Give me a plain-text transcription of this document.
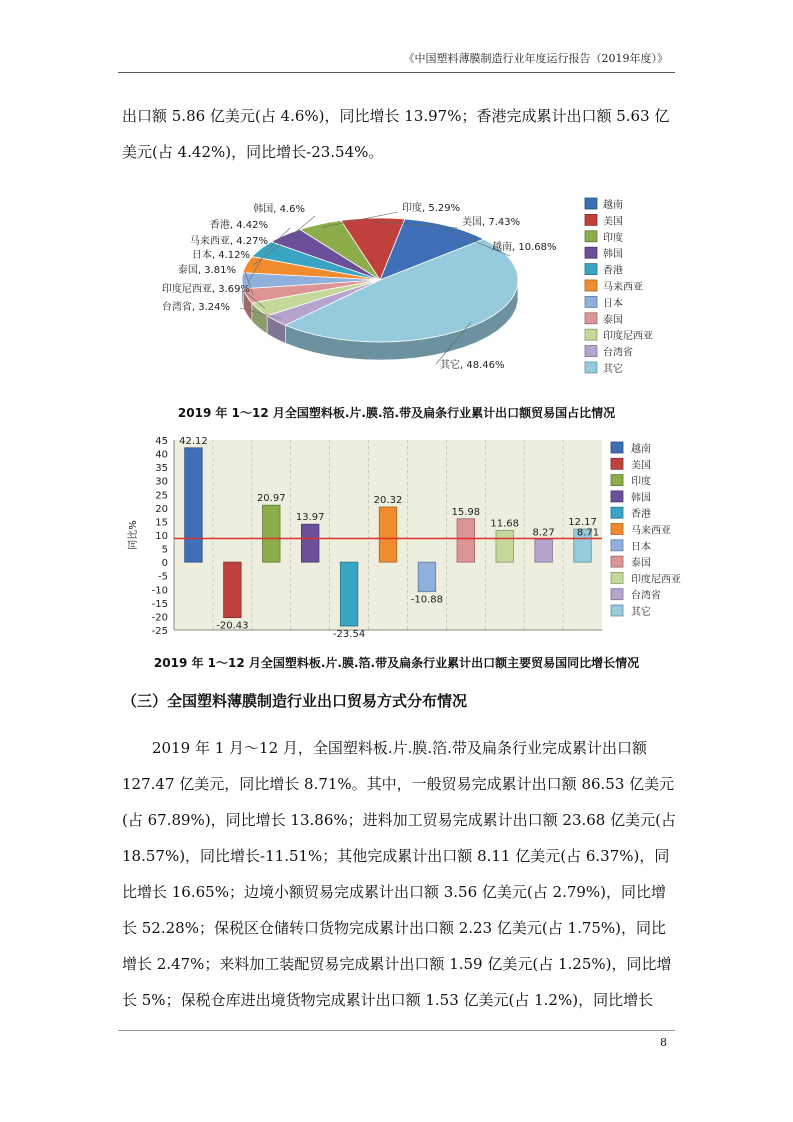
《中国塑料薄膜制造行业年度运行报告（2019年度）》

出口额 5.86 亿美元(占 4.6%)，同比增长 13.97%；香港完成累计出口额 5.63 亿
美元(占 4.42%)，同比增长-23.54%。

越南, 10.68%
美国, 7.43%
印度, 5.29%
韩国, 4.6%
香港, 4.42%
马来西亚, 4.27%
日本, 4.12%
泰国, 3.81%
印度尼西亚, 3.69%
台湾省, 3.24%
其它, 48.46%
越南
美国
印度
韩国
香港
马来西亚
日本
泰国
印度尼西亚
台湾省
其它
2019 年 1～12 月全国塑料板.片.膜.箔.带及扁条行业累计出口额贸易国占比情况
45
40
35
30
25
20
15
10
5
0
-5
-10
-15
-20
-25
同比%
42.12
-20.43
20.97
13.97
-23.54
20.32
-10.88
15.98
11.68
8.27
12.17
8.71
越南
美国
印度
韩国
香港
马来西亚
日本
泰国
印度尼西亚
台湾省
其它
2019 年 1～12 月全国塑料板.片.膜.箔.带及扁条行业累计出口额主要贸易国同比增长情况
（三）全国塑料薄膜制造行业出口贸易方式分布情况

2019 年 1 月～12 月，全国塑料板.片.膜.箔.带及扁条行业完成累计出口额
127.47 亿美元，同比增长 8.71%。其中，一般贸易完成累计出口额 86.53 亿美元
(占 67.89%)，同比增长 13.86%；进料加工贸易完成累计出口额 23.68 亿美元(占
18.57%)，同比增长-11.51%；其他完成累计出口额 8.11 亿美元(占 6.37%)，同
比增长 16.65%；边境小额贸易完成累计出口额 3.56 亿美元(占 2.79%)，同比增
长 52.28%；保税区仓储转口货物完成累计出口额 2.23 亿美元(占 1.75%)，同比
增长 2.47%；来料加工装配贸易完成累计出口额 1.59 亿美元(占 1.25%)，同比增
长 5%；保税仓库进出境货物完成累计出口额 1.53 亿美元(占 1.2%)，同比增长

8
